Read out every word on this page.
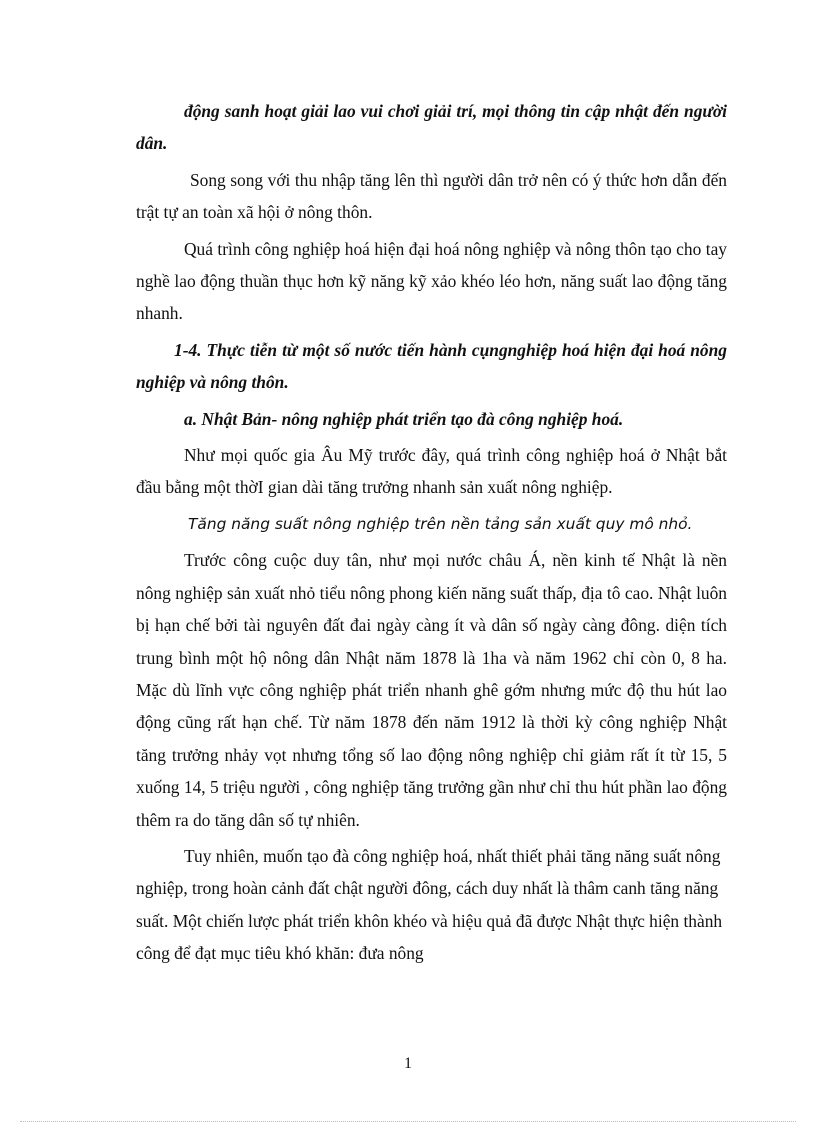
động sanh hoạt giải lao vui chơi giải trí, mọi thông tin cập nhật đến người dân.

Song song với thu nhập tăng lên thì người dân trở nên có ý thức hơn dẫn đến trật tự an toàn xã hội ở nông thôn.

Quá trình công nghiệp hoá hiện đại hoá nông nghiệp và nông thôn tạo cho tay nghề lao động thuần thục hơn kỹ năng kỹ xảo khéo léo hơn, năng suất lao động tăng nhanh.

1-4. Thực tiễn từ một số nước tiến hành cụngnghiệp hoá hiện đại hoá nông nghiệp và nông thôn.

a. Nhật Bản- nông nghiệp phát triển tạo đà công nghiệp hoá.

Như mọi quốc gia Âu Mỹ trước đây, quá trình công nghiệp hoá ở Nhật bắt đầu bằng một thờI gian dài tăng trưởng nhanh sản xuất nông nghiệp.

Tăng năng suất nông nghiệp trên nền tảng sản xuất quy mô nhỏ.

Trước công cuộc duy tân, như mọi nước châu Á, nền kinh tế Nhật là nền nông nghiệp sản xuất nhỏ tiểu nông phong kiến năng suất thấp, địa tô cao. Nhật luôn bị hạn chế bởi tài nguyên đất đai ngày càng ít và dân số ngày càng đông. diện tích trung bình một hộ nông dân Nhật năm 1878 là 1ha và năm 1962 chỉ còn 0, 8 ha. Mặc dù lĩnh vực công nghiệp phát triển nhanh ghê gớm nhưng mức độ thu hút lao động cũng rất hạn chế. Từ năm 1878 đến năm 1912 là thời kỳ công nghiệp Nhật tăng trưởng nhảy vọt nhưng tổng số lao động nông nghiệp chỉ giảm rất ít từ 15, 5 xuống 14, 5 triệu người , công nghiệp tăng trưởng gần như chỉ thu hút phần lao động thêm ra do tăng dân số tự nhiên.

Tuy nhiên, muốn tạo đà công nghiệp hoá, nhất thiết phải tăng năng suất nông nghiệp, trong hoàn cảnh đất chật người đông, cách duy nhất là thâm canh tăng năng suất. Một chiến lược phát triển khôn khéo và hiệu quả đã được Nhật thực hiện thành công để đạt mục tiêu khó khăn: đưa nông

1
